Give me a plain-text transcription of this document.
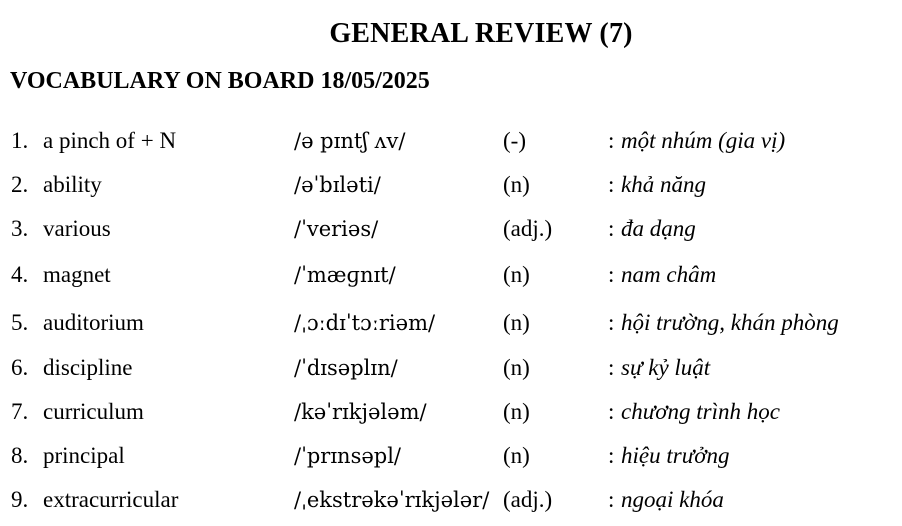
GENERAL REVIEW (7)
VOCABULARY ON BOARD 18/05/2025
1. a pinch of + N	/ə pɪntʃ ʌv/	(-)	: một nhúm (gia vị)
2. ability	/əˈbɪləti/	(n)	: khả năng
3. various	/ˈveriəs/	(adj.) : đa dạng
4. magnet	/ˈmæɡnɪt/	(n)	: nam châm
5. auditorium	/ˌɔːdɪˈtɔːriəm/	(n)	: hội trường, khán phòng
6. discipline	/ˈdɪsəplɪn/	(n)	: sự kỷ luật
7. curriculum	/kəˈrɪkjələm/	(n)	: chương trình học
8. principal	/ˈprɪnsəpl/	(n)	: hiệu trưởng
9. extracurricular	/ˌekstrəkəˈrɪkjələr/ (adj.) : ngoại khóa
